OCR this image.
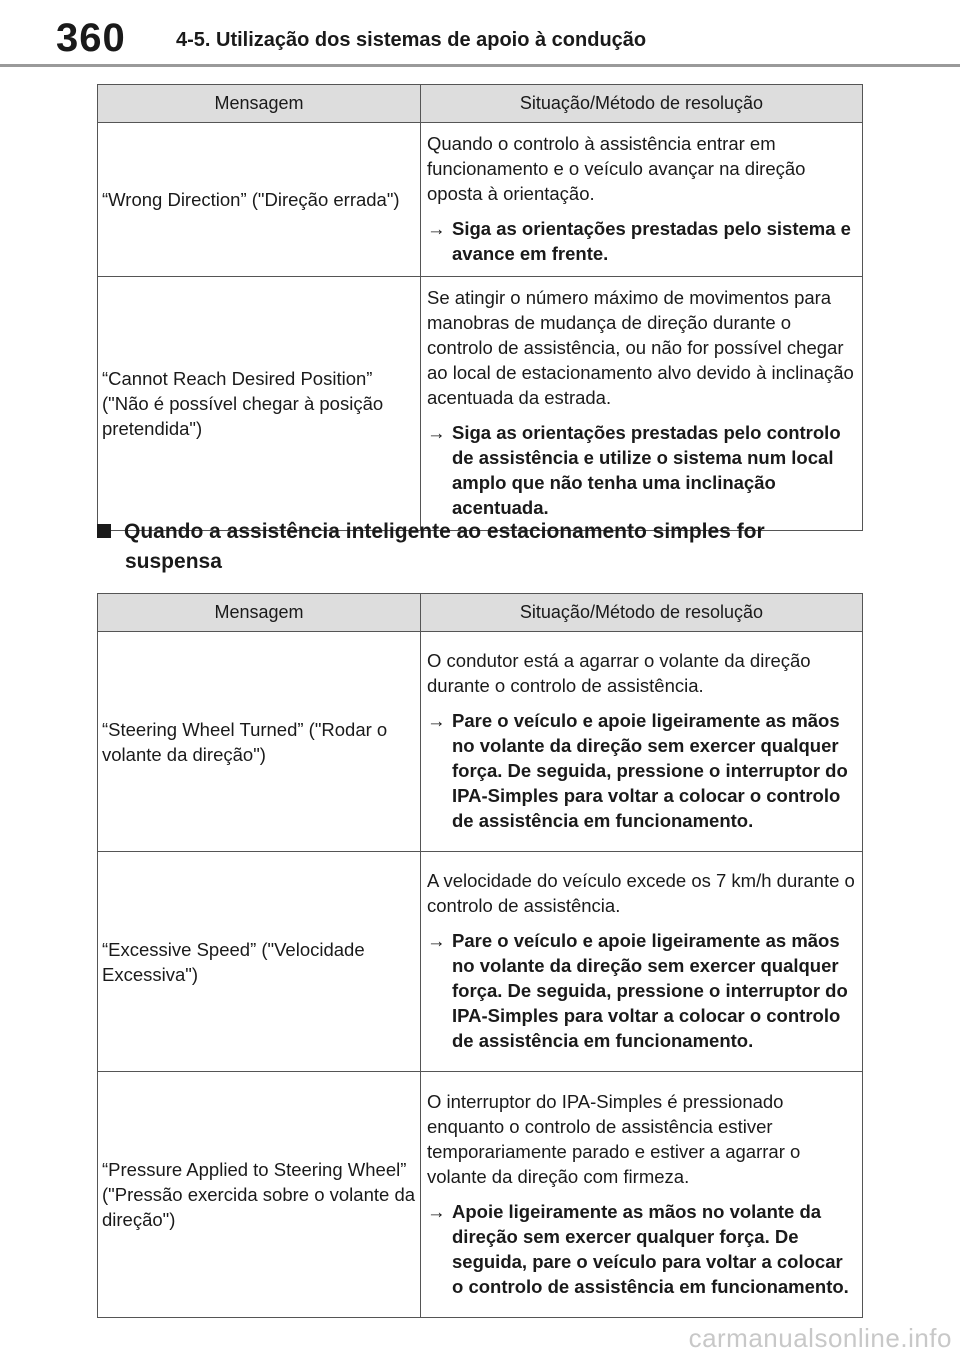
360	4-5. Utilização dos sistemas de apoio à condução
Mensagem	Situação/Método de resolução
“Wrong Direction” ("Direção errada")	Quando o controlo à assistência entrar em funcionamento e o veículo avançar na direção oposta à orientação.
→ Siga as orientações prestadas pelo sistema e avance em frente.

“Cannot Reach Desired Position” ("Não é possível chegar à posição pretendida")	Se atingir o número máximo de movimentos para manobras de mudança de direção durante o controlo de assistência, ou não for possível chegar ao local de estacionamento alvo devido à inclinação acentuada da estrada.
→ Siga as orientações prestadas pelo controlo de assistência e utilize o sistema num local amplo que não tenha uma inclinação acentuada.
Quando a assistência inteligente ao estacionamento simples for
suspensa
Mensagem	Situação/Método de resolução
“Steering Wheel Turned” ("Rodar o volante da direção")	O condutor está a agarrar o volante da direção durante o controlo de assistência.
→ Pare o veículo e apoie ligeiramente as mãos no volante da direção sem exercer qualquer força. De seguida, pressione o interruptor do IPA-Simples para voltar a colocar o controlo de assistência em funcionamento.

“Excessive Speed” ("Velocidade Excessiva")	A velocidade do veículo excede os 7 km/h durante o controlo de assistência.
→ Pare o veículo e apoie ligeiramente as mãos no volante da direção sem exercer qualquer força. De seguida, pressione o interruptor do IPA-Simples para voltar a colocar o controlo de assistência em funcionamento.

“Pressure Applied to Steering Wheel” ("Pressão exercida sobre o volante da direção")	O interruptor do IPA-Simples é pressionado enquanto o controlo de assistência estiver temporariamente parado e estiver a agarrar o volante da direção com firmeza.
→ Apoie ligeiramente as mãos no volante da direção sem exercer qualquer força. De seguida, pare o veículo para voltar a colocar o controlo de assistência em funcionamento.
carmanualsonline.info
